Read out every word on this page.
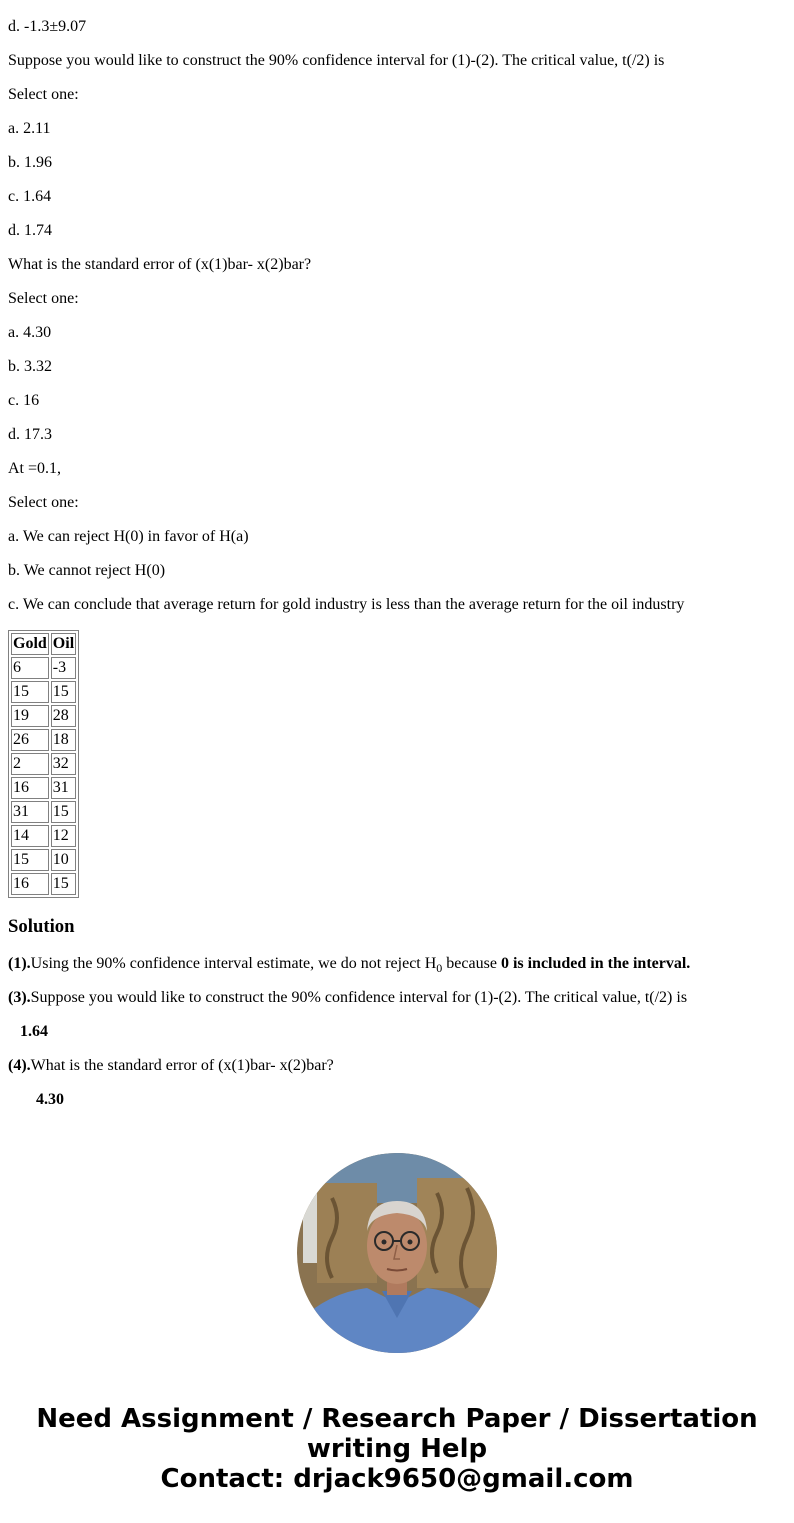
d. -1.3±9.07

Suppose you would like to construct the 90% confidence interval for (1)-(2). The critical value, t(/2) is

Select one:

a. 2.11

b. 1.96

c. 1.64

d. 1.74

What is the standard error of (x(1)bar- x(2)bar?

Select one:

a. 4.30

b. 3.32

c. 16

d. 17.3

At =0.1,

Select one:

a. We can reject H(0) in favor of H(a)

b. We cannot reject H(0)

c. We can conclude that average return for gold industry is less than the average return for the oil industry

Gold	Oil
6	-3
15	15
19	28
26	18
2	32
16	31
31	15
14	12
15	10
16	15
Solution

(1).Using the 90% confidence interval estimate, we do not reject $H_0$ because 0 is included in the interval.

(3).Suppose you would like to construct the 90% confidence interval for (1)-(2). The critical value, t(/2) is

1.64

(4).What is the standard error of (x(1)bar- x(2)bar?

4.30

Need Assignment / Research Paper / Dissertation
writing Help
Contact: drjack9650@gmail.com
